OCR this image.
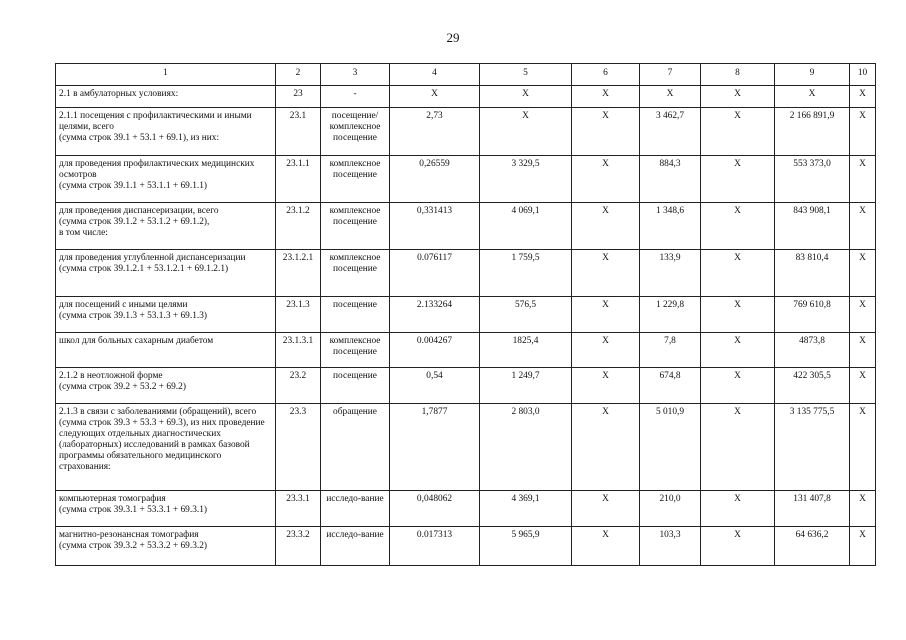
29
1	2	3	4	5	6	7	8	9	10
2.1 в амбулаторных условиях:	23	-	X	X	X	X	X	X	X
2.1.1 посещения с профилактическими и иными целями, всего
(сумма строк 39.1 + 53.1 + 69.1), из них:	23.1	посещение/ комплексное посещение	2,73	X	X	3 462,7	X	2 166 891,9	X
для проведения профилактических медицинских осмотров
(сумма строк 39.1.1 + 53.1.1 + 69.1.1)	23.1.1	комплексное посещение	0,26559	3 329,5	X	884,3	X	553 373,0	X
для проведения диспансеризации, всего
(сумма строк 39.1.2 + 53.1.2 + 69.1.2),
в том числе:	23.1.2	комплексное посещение	0,331413	4 069,1	X	1 348,6	X	843 908,1	X
для проведения углубленной диспансеризации
(сумма строк 39.1.2.1 + 53.1.2.1 + 69.1.2.1)	23.1.2.1	комплексное посещение	0.076117	1 759,5	X	133,9	X	83 810,4	X
для посещений с иными целями
(сумма строк 39.1.3 + 53.1.3 + 69.1.3)	23.1.3	посещение	2.133264	576,5	X	1 229,8	X	769 610,8	X
школ для больных сахарным диабетом	23.1.3.1	комплексное посещение	0.004267	1825,4	X	7,8	X	4873,8	X
2.1.2 в неотложной форме
(сумма строк 39.2 + 53.2 + 69.2)	23.2	посещение	0,54	1 249,7	X	674,8	X	422 305,5	X
2.1.3 в связи с заболеваниями (обращений), всего (сумма строк 39.3 + 53.3 + 69.3), из них проведение следующих отдельных диагностических (лабораторных) исследований в рамках базовой программы обязательного медицинского страхования:	23.3	обращение	1,7877	2 803,0	X	5 010,9	X	3 135 775,5	X
компьютерная томография
(сумма строк 39.3.1 + 53.3.1 + 69.3.1)	23.3.1	исследо-вание	0,048062	4 369,1	X	210,0	X	131 407,8	X
магнитно-резонансная томография
(сумма строк 39.3.2 + 53.3.2 + 69.3.2)	23.3.2	исследо-вание	0.017313	5 965,9	X	103,3	X	64 636,2	X
